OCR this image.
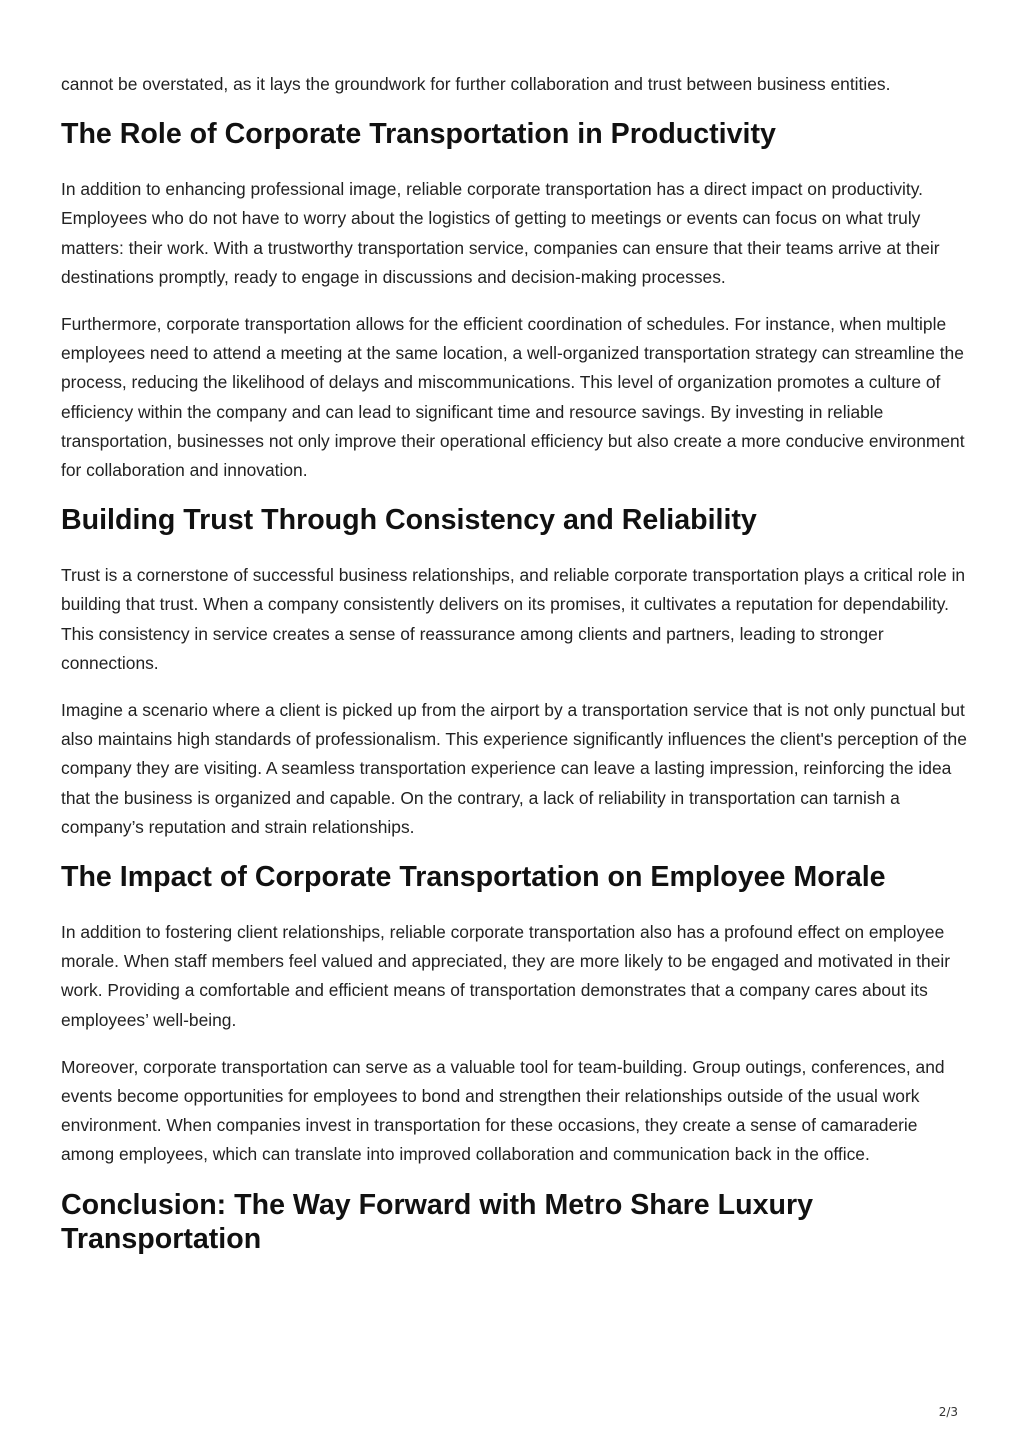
cannot be overstated, as it lays the groundwork for further collaboration and trust between business entities.

The Role of Corporate Transportation in Productivity

In addition to enhancing professional image, reliable corporate transportation has a direct impact on productivity. Employees who do not have to worry about the logistics of getting to meetings or events can focus on what truly matters: their work. With a trustworthy transportation service, companies can ensure that their teams arrive at their destinations promptly, ready to engage in discussions and decision-making processes.

Furthermore, corporate transportation allows for the efficient coordination of schedules. For instance, when multiple employees need to attend a meeting at the same location, a well-organized transportation strategy can streamline the process, reducing the likelihood of delays and miscommunications. This level of organization promotes a culture of efficiency within the company and can lead to significant time and resource savings. By investing in reliable transportation, businesses not only improve their operational efficiency but also create a more conducive environment for collaboration and innovation.

Building Trust Through Consistency and Reliability

Trust is a cornerstone of successful business relationships, and reliable corporate transportation plays a critical role in building that trust. When a company consistently delivers on its promises, it cultivates a reputation for dependability. This consistency in service creates a sense of reassurance among clients and partners, leading to stronger connections.

Imagine a scenario where a client is picked up from the airport by a transportation service that is not only punctual but also maintains high standards of professionalism. This experience significantly influences the client's perception of the company they are visiting. A seamless transportation experience can leave a lasting impression, reinforcing the idea that the business is organized and capable. On the contrary, a lack of reliability in transportation can tarnish a company’s reputation and strain relationships.

The Impact of Corporate Transportation on Employee Morale

In addition to fostering client relationships, reliable corporate transportation also has a profound effect on employee morale. When staff members feel valued and appreciated, they are more likely to be engaged and motivated in their work. Providing a comfortable and efficient means of transportation demonstrates that a company cares about its employees’ well-being.

Moreover, corporate transportation can serve as a valuable tool for team-building. Group outings, conferences, and events become opportunities for employees to bond and strengthen their relationships outside of the usual work environment. When companies invest in transportation for these occasions, they create a sense of camaraderie among employees, which can translate into improved collaboration and communication back in the office.

Conclusion: The Way Forward with Metro Share Luxury Transportation
2/3
